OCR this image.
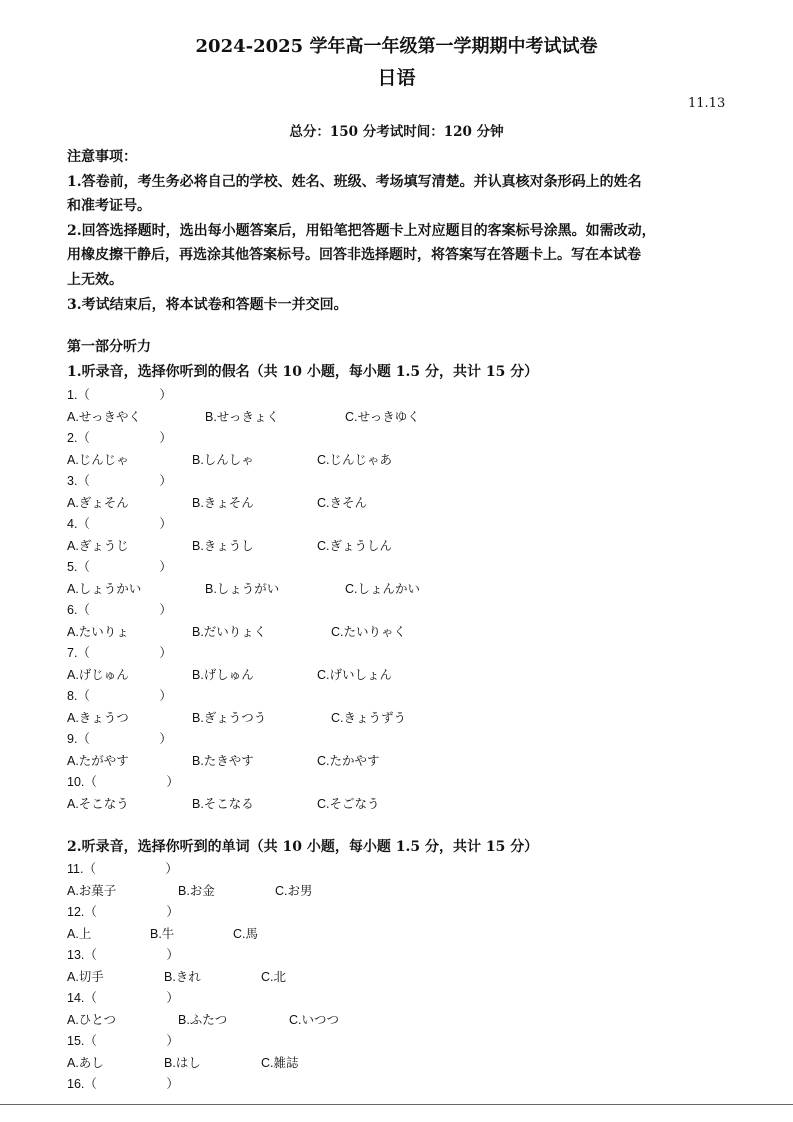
2024-2025 学年高一年级第一学期期中考试试卷
日语
11.13
总分：150 分考试时间：120 分钟

注意事项：

1.答卷前，考生务必将自己的学校、姓名、班级、考场填写清楚。并认真核对条形码上的姓名

和准考证号。

2.回答选择题时，选出每小题答案后，用铅笔把答题卡上对应题目的客案标号涂黑。如需改动，

用橡皮擦干静后，再选涂其他答案标号。回答非选择题时，将答案写在答题卡上。写在本试卷

上无效。

3.考试结束后，将本试卷和答题卡一并交回。

第一部分听力
1.听录音，选择你听到的假名（共 10 小题，每小题 1.5 分，共计 15 分）
1.（                    ）
A.せっきやく	B.せっきょく	C.せっきゆく
2.（                    ）
A.じんじゃ	B.しんしゃ	C.じんじゃあ
3.（                    ）
A.ぎょそん	B.きょそん	C.きそん
4.（                    ）
A.ぎょうじ	B.きょうし	C.ぎょうしん
5.（                    ）
A.しょうかい	B.しょうがい	C.しょんかい
6.（                    ）
A.たいりょ	B.だいりょく	C.たいりゃく
7.（                    ）
A.げじゅん	B.げしゅん	C.げいしょん
8.（                    ）
A.きょうつ	B.ぎょうつう	C.きょうずう
9.（                    ）
A.たがやす	B.たきやす	C.たかやす
10.（                    ）
A.そこなう	B.そこなる	C.そごなう
2.听录音，选择你听到的单词（共 10 小题，每小题 1.5 分，共计 15 分）
11.（                    ）
A.お菓子	B.お金	C.お男
12.（                    ）
A.上	B.牛	C.馬
13.（                    ）
A.切手	B.きれ	C.北
14.（                    ）
A.ひとつ	B.ふたつ	C.いつつ
15.（                    ）
A.あし	B.はし	C.雑誌
16.（                    ）
